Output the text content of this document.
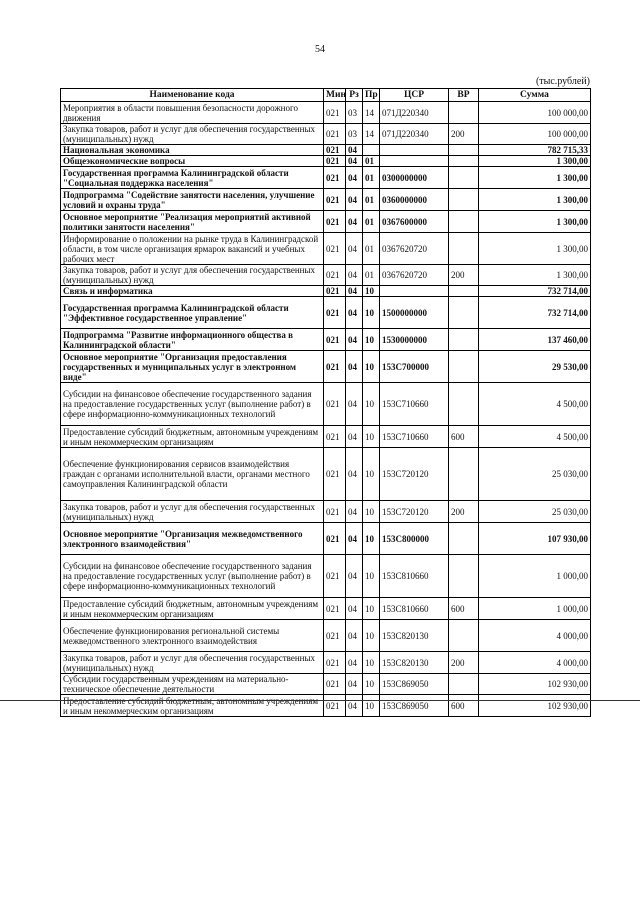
54
(тыс.рублей)
Наименование кода	Мин	Рз	Пр	ЦСР	ВР	Сумма
Мероприятия в области повышения безопасности дорожного движения	021	03	14	071Д220340		100 000,00
Закупка товаров, работ и услуг для обеспечения государственных (муниципальных) нужд	021	03	14	071Д220340	200	100 000,00
Национальная экономика	021	04				782 715,33
Общеэкономические вопросы	021	04	01			1 300,00
Государственная программа Калининградской области "Социальная поддержка населения"	021	04	01	0300000000		1 300,00
Подпрограмма "Содействие занятости населения, улучшение условий и охраны труда"	021	04	01	0360000000		1 300,00
Основное мероприятие "Реализация мероприятий активной политики занятости населения"	021	04	01	0367600000		1 300,00
Информирование о положении на рынке труда в Калининградской области, в том числе организация ярмарок вакансий и учебных рабочих мест	021	04	01	0367620720		1 300,00
Закупка товаров, работ и услуг для обеспечения государственных (муниципальных) нужд	021	04	01	0367620720	200	1 300,00
Связь и информатика	021	04	10			732 714,00
Государственная программа Калининградской области "Эффективное государственное управление"	021	04	10	1500000000		732 714,00
Подпрограмма "Развитие информационного общества в Калининградской области"	021	04	10	1530000000		137 460,00
Основное мероприятие "Организация предоставления государственных и муниципальных услуг в электронном виде"	021	04	10	153С700000		29 530,00
Субсидии на финансовое обеспечение государственного задания на предоставление государственных услуг (выполнение работ) в сфере информационно-коммуникационных технологий	021	04	10	153С710660		4 500,00
Предоставление субсидий бюджетным, автономным учреждениям и иным некоммерческим организациям	021	04	10	153С710660	600	4 500,00
Обеспечение функционирования сервисов взаимодействия граждан с органами исполнительной власти, органами местного самоуправления Калининградской области	021	04	10	153С720120		25 030,00
Закупка товаров, работ и услуг для обеспечения государственных (муниципальных) нужд	021	04	10	153С720120	200	25 030,00
Основное мероприятие "Организация межведомственного электронного взаимодействия"	021	04	10	153С800000		107 930,00
Субсидии на финансовое обеспечение государственного задания на предоставление государственных услуг (выполнение работ) в сфере информационно-коммуникационных технологий	021	04	10	153С810660		1 000,00
Предоставление субсидий бюджетным, автономным учреждениям и иным некоммерческим организациям	021	04	10	153С810660	600	1 000,00
Обеспечение функционирования региональной системы межведомственного электронного взаимодействия	021	04	10	153С820130		4 000,00
Закупка товаров, работ и услуг для обеспечения государственных (муниципальных) нужд	021	04	10	153С820130	200	4 000,00
Субсидии государственным учреждениям на материально-техническое обеспечение деятельности	021	04	10	153С869050		102 930,00
и иным некоммерческим организациям	021	04	10	153С869050	600	102 930,00
